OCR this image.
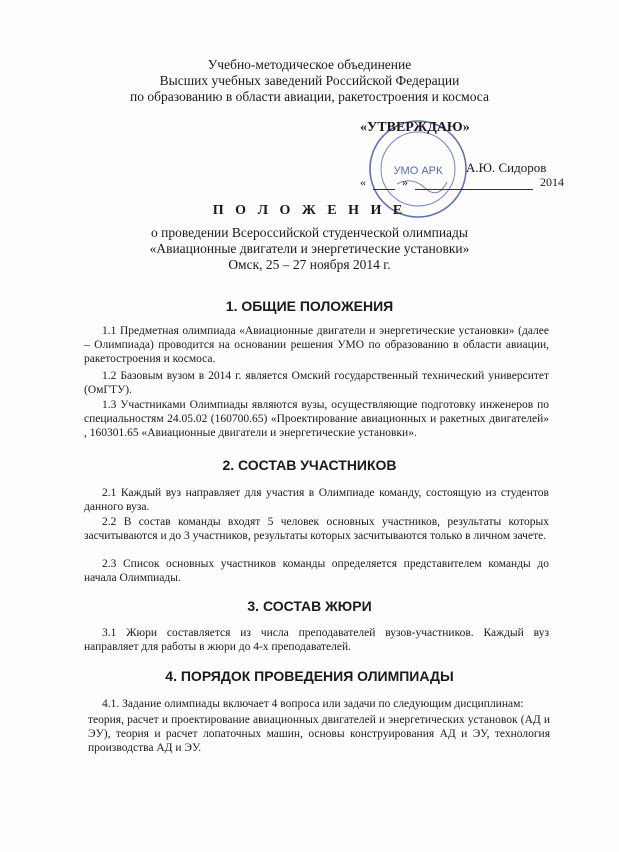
Учебно-методическое объединение
Высших учебных заведений Российской Федерации
по образованию в области авиации, ракетостроения и космоса
УМО АРК
«УТВЕРЖДАЮ»
А.Ю. Сидоров
«	»	2014
П О Л О Ж Е Н И Е
о проведении Всероссийской студенческой олимпиады
«Авиационные двигатели и энергетические установки»
Омск, 25 – 27 ноября 2014 г.
1. ОБЩИЕ ПОЛОЖЕНИЯ

1.1 Предметная олимпиада «Авиационные двигатели и энергетические установки» (далее – Олимпиада) проводится на основании решения УМО по образованию в области авиации, ракетостроения и космоса.

1.2 Базовым вузом в 2014 г. является Омский государственный технический университет (ОмГТУ).

1.3 Участниками Олимпиады являются вузы, осуществляющие подготовку инженеров по специальностям 24.05.02 (160700.65) «Проектирование авиационных и ракетных двигателей» , 160301.65 «Авиационные двигатели и энергетические установки».

2. СОСТАВ УЧАСТНИКОВ

2.1 Каждый вуз направляет для участия в Олимпиаде команду, состоящую из студентов данного вуза.

2.2 В состав команды входят 5 человек основных участников, результаты которых засчитываются и до 3 участников, результаты которых засчитываются только в личном зачете.

2.3 Список основных участников команды определяется представителем команды до начала Олимпиады.

3. СОСТАВ ЖЮРИ

3.1 Жюри составляется из числа преподавателей вузов-участников. Каждый вуз направляет для работы в жюри до 4-х преподавателей.

4. ПОРЯДОК ПРОВЕДЕНИЯ ОЛИМПИАДЫ

4.1. Задание олимпиады включает 4 вопроса или задачи по следующим дисциплинам:

теория, расчет и проектирование авиационных двигателей и энергетических установок (АД и ЭУ), теория и расчет лопаточных машин, основы конструирования АД и ЭУ, технология производства АД и ЭУ.
